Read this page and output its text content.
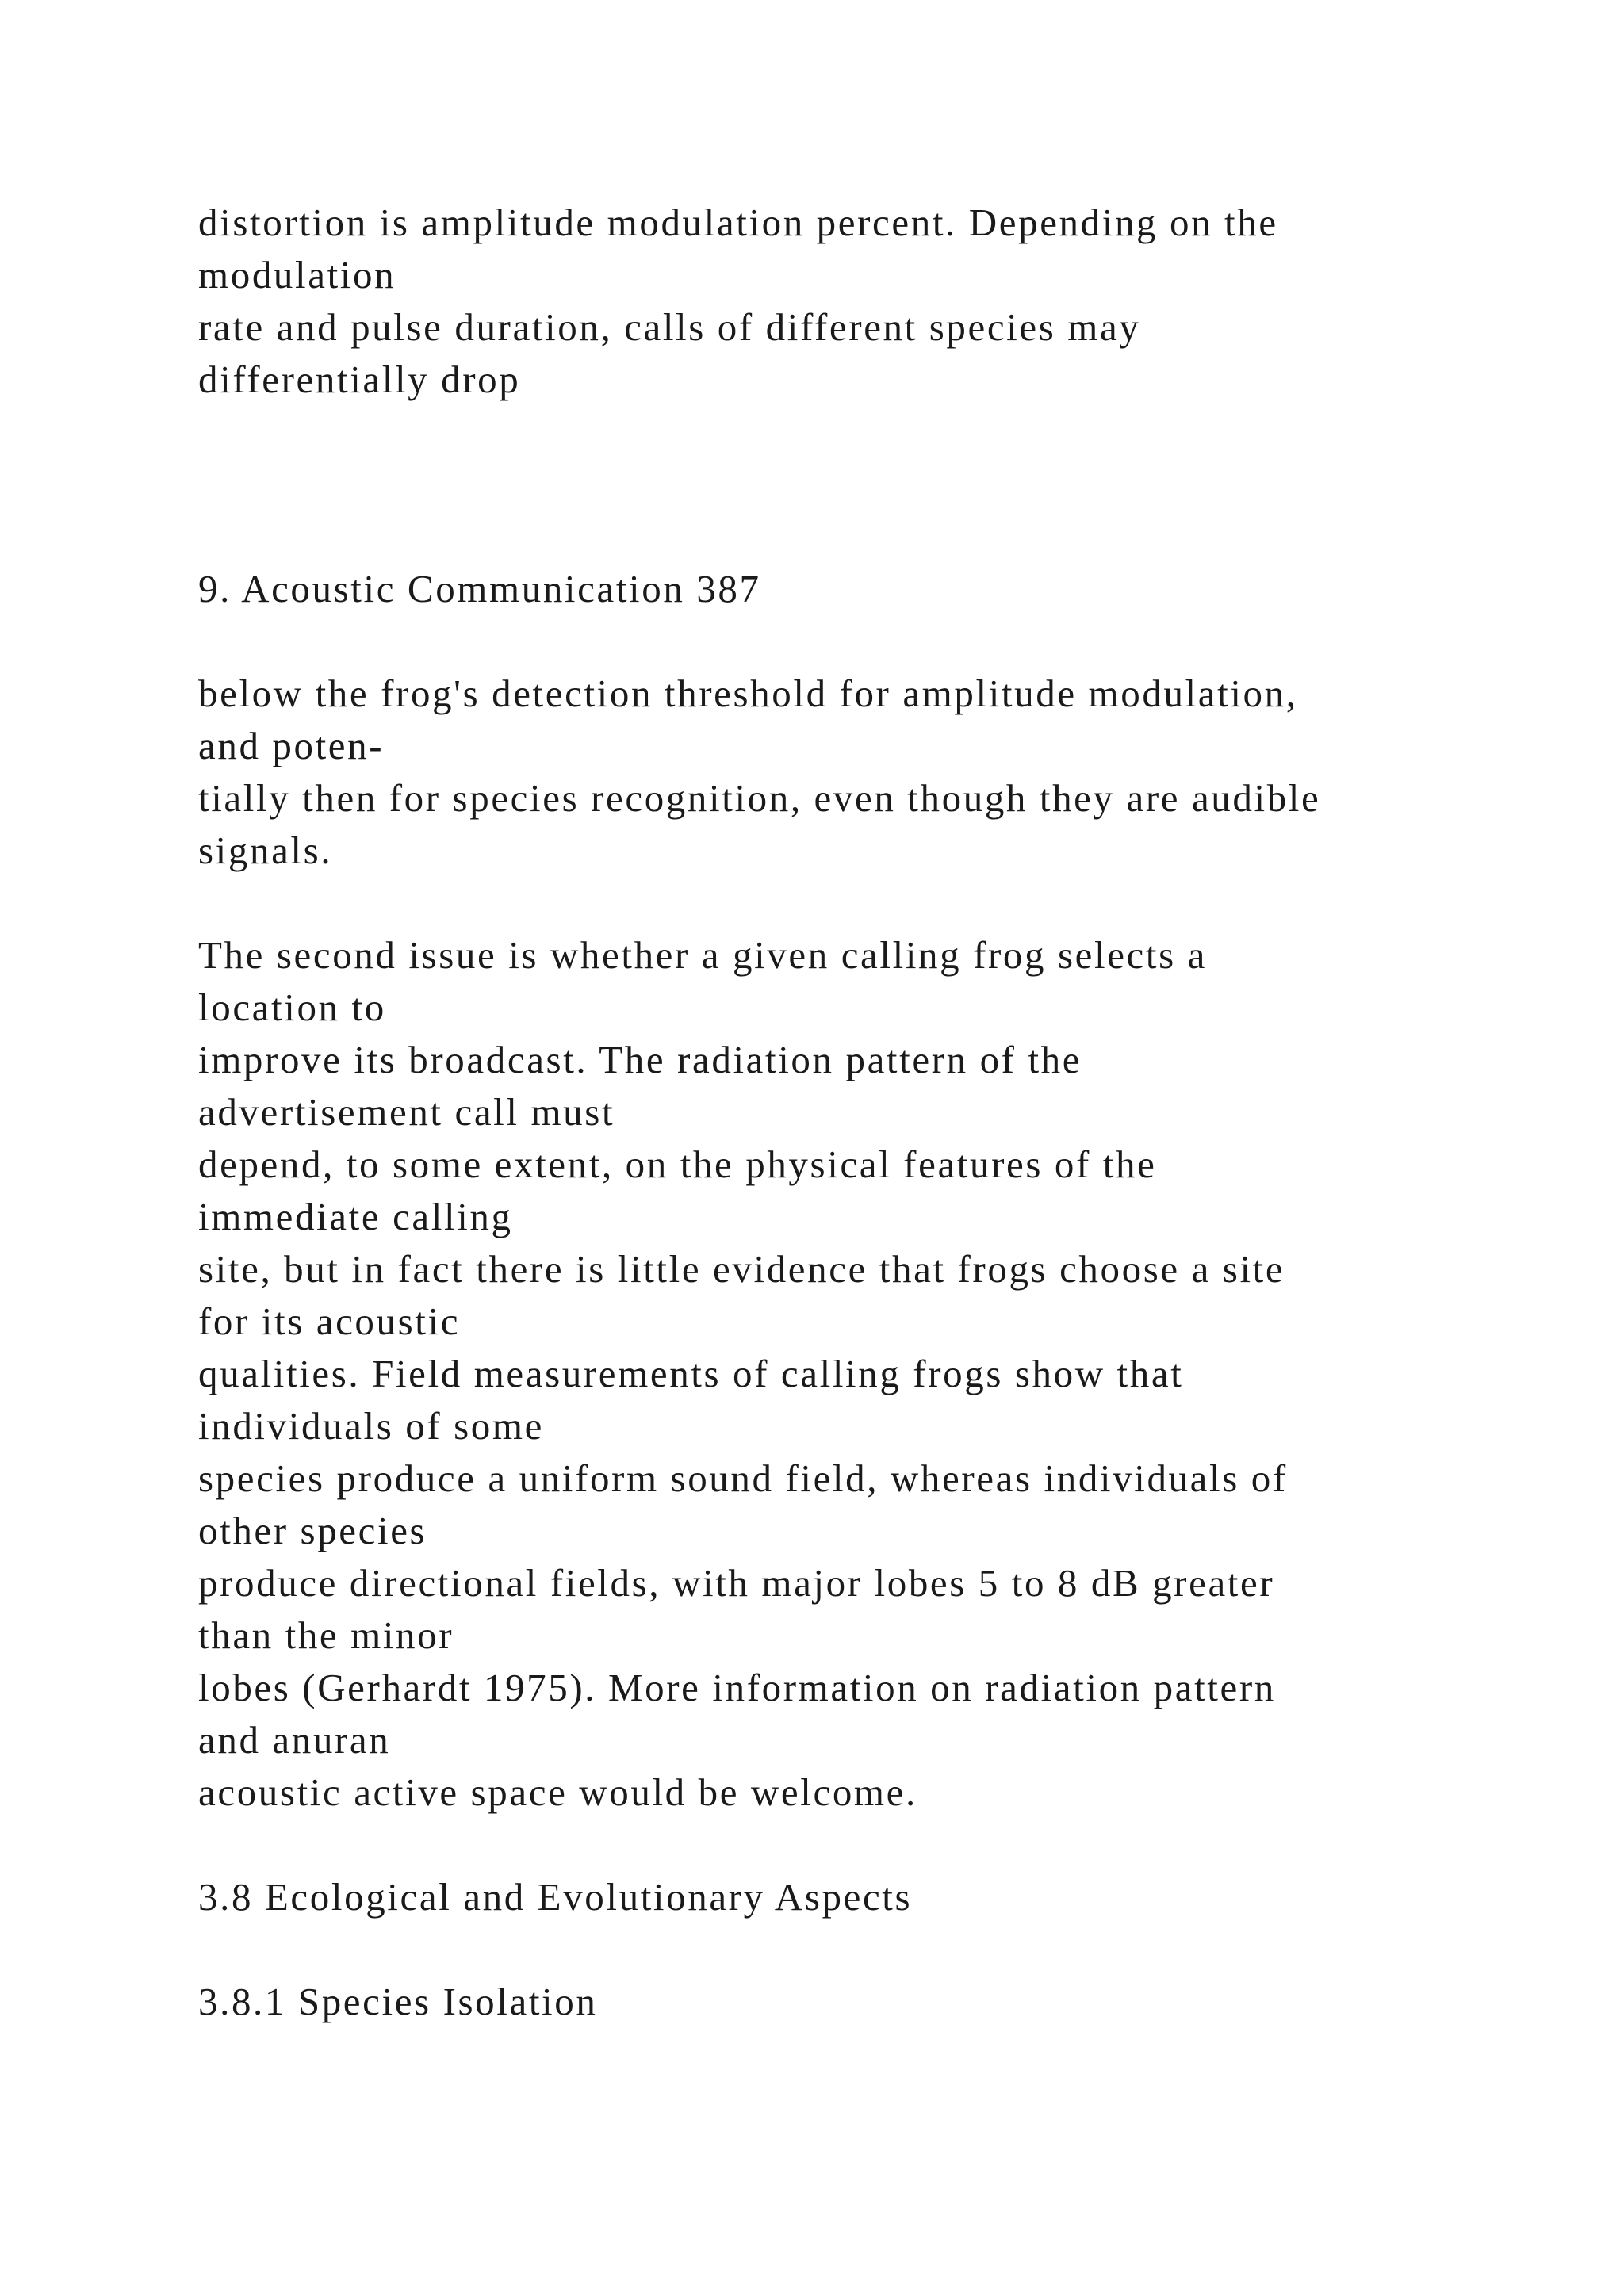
distortion is amplitude modulation percent. Depending on the

modulation

rate and pulse duration, calls of different species may

differentially drop

9. Acoustic Communication 387

below the frog's detection threshold for amplitude modulation,

and poten-

tially then for species recognition, even though they are audible

signals.

The second issue is whether a given calling frog selects a

location to

improve its broadcast. The radiation pattern of the

advertisement call must

depend, to some extent, on the physical features of the

immediate calling

site, but in fact there is little evidence that frogs choose a site

for its acoustic

qualities. Field measurements of calling frogs show that

individuals of some

species produce a uniform sound field, whereas individuals of

other species

produce directional fields, with major lobes 5 to 8 dB greater

than the minor

lobes (Gerhardt 1975). More information on radiation pattern

and anuran

acoustic active space would be welcome.

3.8 Ecological and Evolutionary Aspects

3.8.1 Species Isolation
